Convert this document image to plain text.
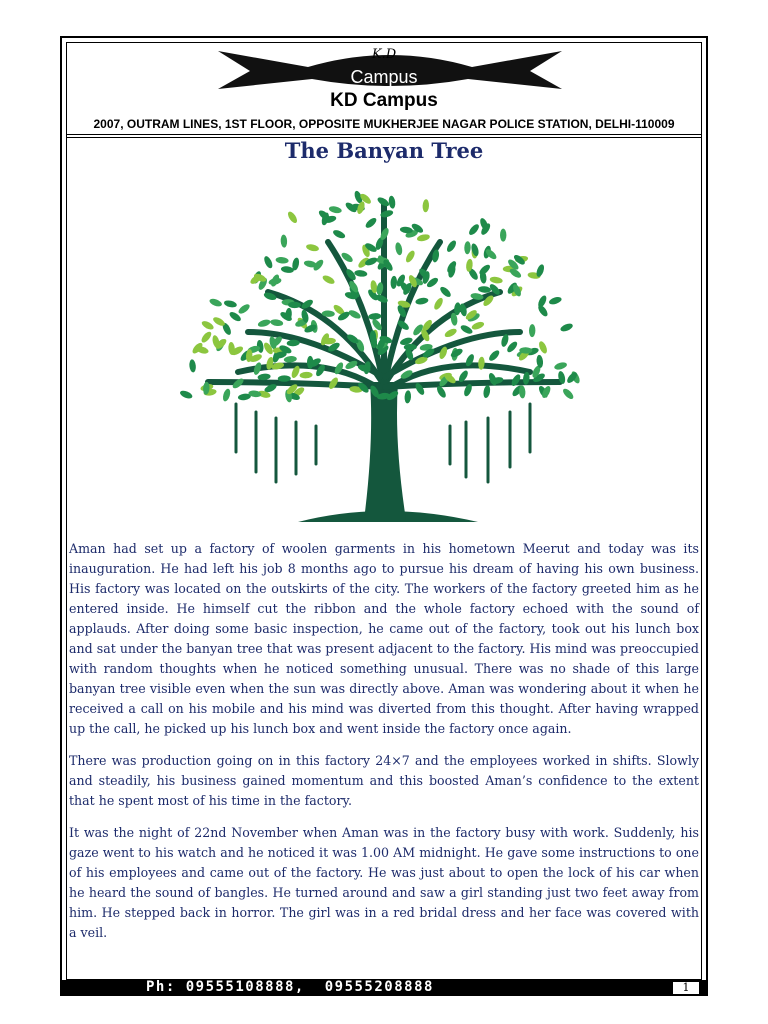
K.D
Campus
KD Campus
2007, OUTRAM LINES, 1ST FLOOR, OPPOSITE MUKHERJEE NAGAR POLICE STATION, DELHI-110009
The Banyan Tree

Aman had set up a factory of woolen garments in his hometown Meerut and today was its inauguration. He had left his job 8 months ago to pursue his dream of having his own business. His factory was located on the outskirts of the city. The workers of the factory greeted him as he entered inside. He himself cut the ribbon and the whole factory echoed with the sound of applauds. After doing some basic inspection, he came out of the factory, took out his lunch box and sat under the banyan tree that was present adjacent to the factory. His mind was preoccupied with random thoughts when he noticed something unusual. There was no shade of this large banyan tree visible even when the sun was directly above. Aman was wondering about it when he received a call on his mobile and his mind was diverted from this thought. After having wrapped up the call, he picked up his lunch box and went inside the factory once again.

There was production going on in this factory 24×7 and the employees worked in shifts. Slowly and steadily, his business gained momentum and this boosted Aman’s confidence to the extent that he spent most of his time in the factory.

It was the night of 22nd November when Aman was in the factory busy with work. Suddenly, his gaze went to his watch and he noticed it was 1.00 AM midnight. He gave some instructions to one of his employees and came out of the factory. He was just about to open the lock of his car when he heard the sound of bangles. He turned around and saw a girl standing just two feet away from him. He stepped back in horror. The girl was in a red bridal dress and her face was covered with a veil.

Ph: 09555108888,  09555208888	1
